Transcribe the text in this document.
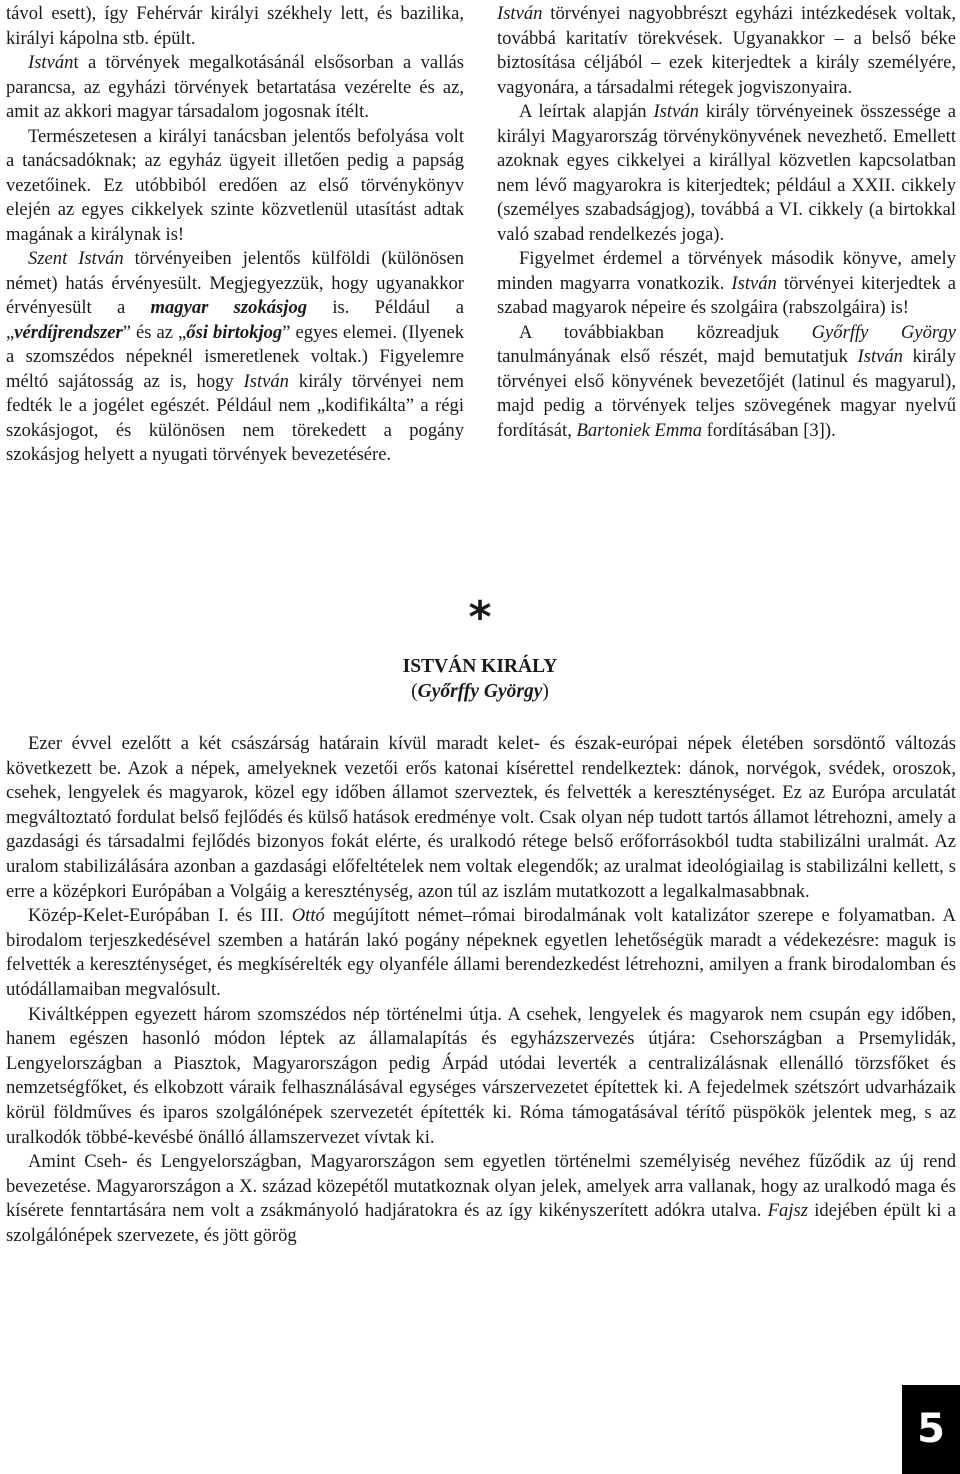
távol esett), így Fehérvár királyi székhely lett, és bazilika, királyi kápolna stb. épült.

Istvánt a törvények megalkotásánál elsősorban a vallás parancsa, az egyházi törvények betartatása vezérelte és az, amit az akkori magyar társadalom jogosnak ítélt.

Természetesen a királyi tanácsban jelentős befolyása volt a tanácsadóknak; az egyház ügyeit illetően pedig a papság vezetőinek. Ez utóbbiból eredően az első törvénykönyv elején az egyes cikkelyek szinte közvetlenül utasítást adtak magának a királynak is!

Szent István törvényeiben jelentős külföldi (különösen német) hatás érvényesült. Megjegyezzük, hogy ugyanakkor érvényesült a magyar szokásjog is. Például a „vérdíjrendszer” és az „ősi birtokjog” egyes elemei. (Ilyenek a szomszédos népeknél ismeretlenek voltak.) Figyelemre méltó sajátosság az is, hogy István király törvényei nem fedték le a jogélet egészét. Például nem „kodifikálta” a régi szokásjogot, és különösen nem törekedett a pogány szokásjog helyett a nyugati törvények bevezetésére.

István törvényei nagyobbrészt egyházi intézkedések voltak, továbbá karitatív törekvések. Ugyanakkor – a belső béke biztosítása céljából – ezek kiterjedtek a király személyére, vagyonára, a társadalmi rétegek jogviszonyaira.

A leírtak alapján István király törvényeinek összessége a királyi Magyarország törvénykönyvének nevezhető. Emellett azoknak egyes cikkelyei a királlyal közvetlen kapcsolatban nem lévő magyarokra is kiterjedtek; például a XXII. cikkely (személyes szabadságjog), továbbá a VI. cikkely (a birtokkal való szabad rendelkezés joga).

Figyelmet érdemel a törvények második könyve, amely minden magyarra vonatkozik. István törvényei kiterjedtek a szabad magyarok népeire és szolgáira (rabszolgáira) is!

A továbbiakban közreadjuk Győrffy György tanulmányának első részét, majd bemutatjuk István király törvényei első könyvének bevezetőjét (latinul és magyarul), majd pedig a törvények teljes szövegének magyar nyelvű fordítását, Bartoniek Emma fordításában [3]).

*
ISTVÁN KIRÁLY
(Győrffy György)

Ezer évvel ezelőtt a két császárság határain kívül maradt kelet- és észak-európai népek életében sorsdöntő változás következett be. Azok a népek, amelyeknek vezetői erős katonai kísérettel rendelkeztek: dánok, norvégok, svédek, oroszok, csehek, lengyelek és magyarok, közel egy időben államot szerveztek, és felvették a kereszténységet. Ez az Európa arculatát megváltoztató fordulat belső fejlődés és külső hatások eredménye volt. Csak olyan nép tudott tartós államot létrehozni, amely a gazdasági és társadalmi fejlődés bizonyos fokát elérte, és uralkodó rétege belső erőforrásokból tudta stabilizálni uralmát. Az uralom stabilizálására azonban a gazdasági előfeltételek nem voltak elegendők; az uralmat ideológiailag is stabilizálni kellett, s erre a középkori Európában a Volgáig a kereszténység, azon túl az iszlám mutatkozott a legalkalmasabbnak.

Közép-Kelet-Európában I. és III. Ottó megújított német–római birodalmának volt katalizátor szerepe e folyamatban. A birodalom terjeszkedésével szemben a határán lakó pogány népeknek egyetlen lehetőségük maradt a védekezésre: maguk is felvették a kereszténységet, és megkísérelték egy olyanféle állami berendezkedést létrehozni, amilyen a frank birodalomban és utódállamaiban megvalósult.

Kiváltképpen egyezett három szomszédos nép történelmi útja. A csehek, lengyelek és magyarok nem csupán egy időben, hanem egészen hasonló módon léptek az államalapítás és egyházszervezés útjára: Csehországban a Prsemylidák, Lengyelországban a Piasztok, Magyarországon pedig Árpád utódai leverték a centralizálásnak ellenálló törzsfőket és nemzetségfőket, és elkobzott váraik felhasználásával egységes várszervezetet építettek ki. A fejedelmek szétszórt udvarházaik körül földműves és iparos szolgálónépek szervezetét építették ki. Róma támogatásával térítő püspökök jelentek meg, s az uralkodók többé-kevésbé önálló államszervezet vívtak ki.

Amint Cseh- és Lengyelországban, Magyarországon sem egyetlen történelmi személyiség nevéhez fűződik az új rend bevezetése. Magyarországon a X. század közepétől mutatkoznak olyan jelek, amelyek arra vallanak, hogy az uralkodó maga és kísérete fenntartására nem volt a zsákmányoló hadjáratokra és az így kikényszerített adókra utalva. Fajsz idejében épült ki a szolgálónépek szervezete, és jött görög

5
